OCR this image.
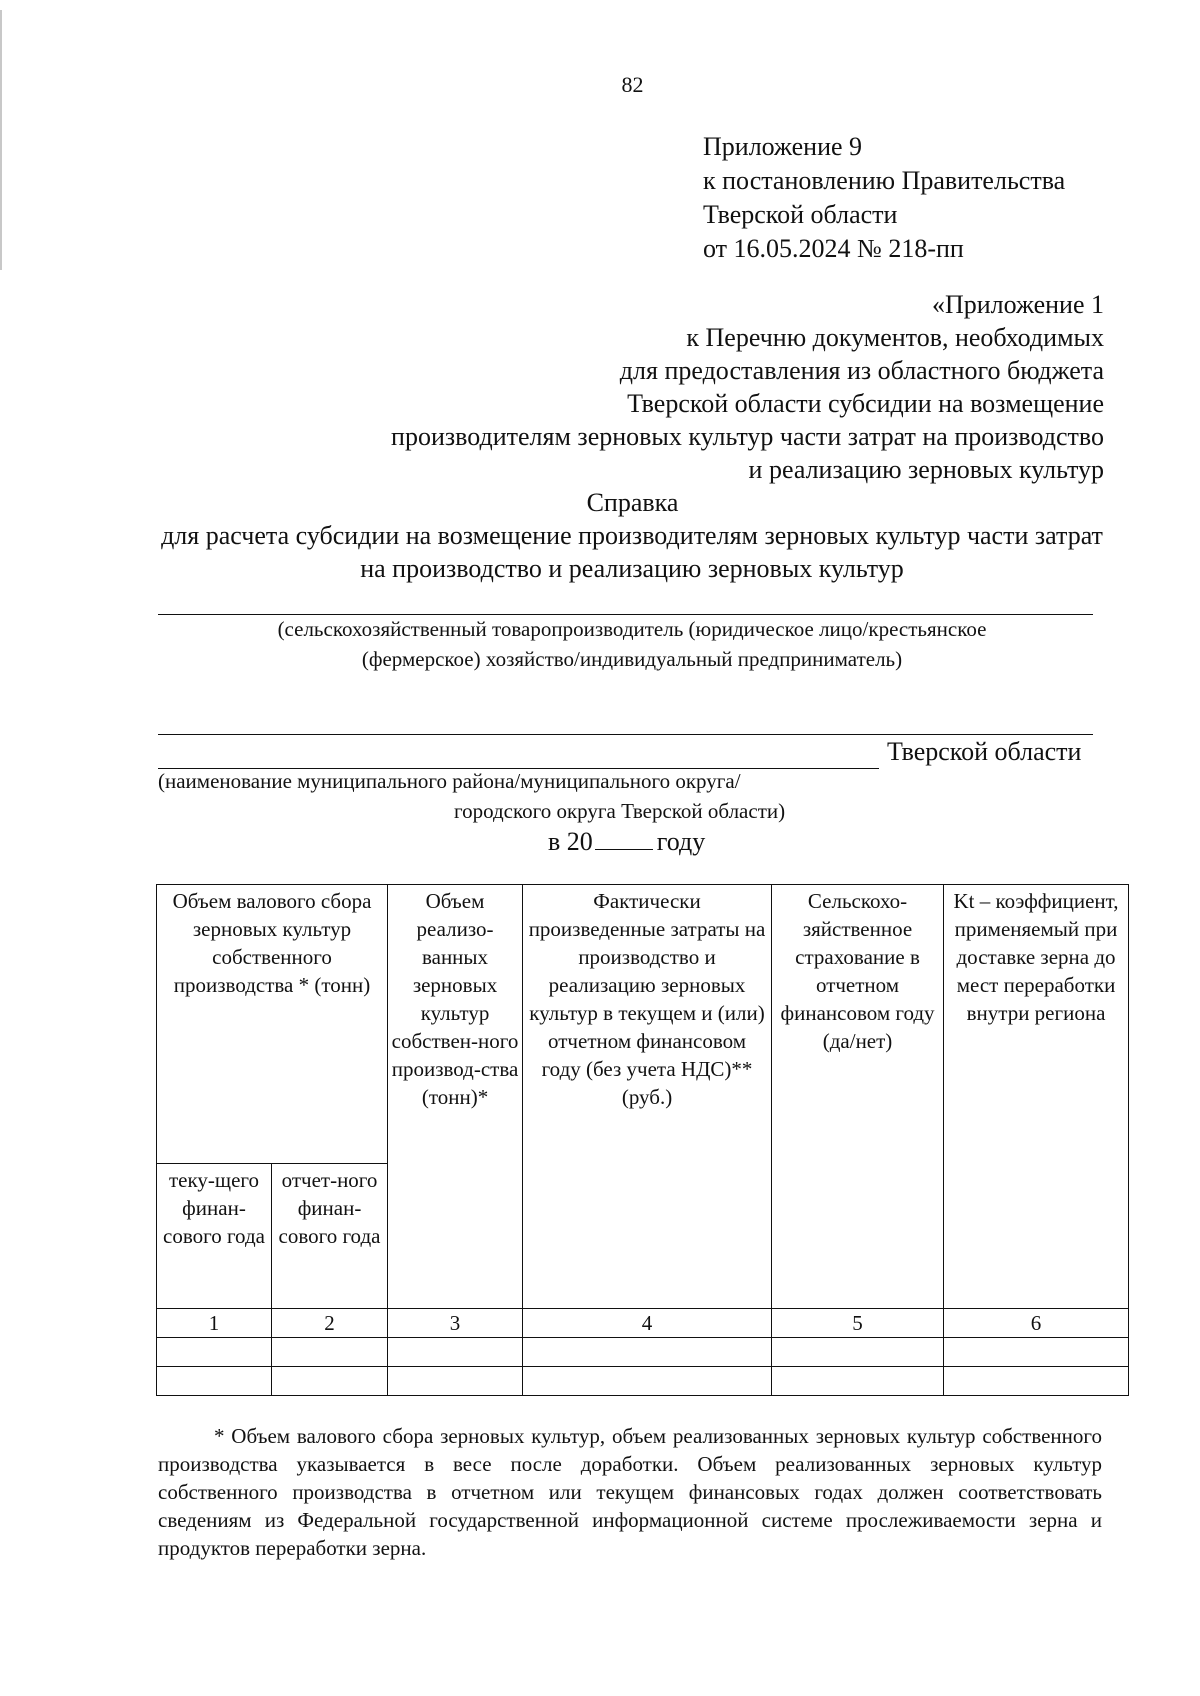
82
Приложение 9
к постановлению Правительства
Тверской области
от 16.05.2024 № 218-пп
«Приложение 1
к Перечню документов, необходимых
для предоставления из областного бюджета
Тверской области субсидии на возмещение
производителям зерновых культур части затрат на производство
и реализацию зерновых культур
Справка
для расчета субсидии на возмещение производителям зерновых культур части затрат на производство и реализацию зерновых культур
(сельскохозяйственный товаропроизводитель (юридическое лицо/крестьянское
(фермерское) хозяйство/индивидуальный предприниматель)
Тверской области
(наименование муниципального района/муниципального округа/
городского округа Тверской области)
в 20 году
Объем валового сбора зерновых культур собственного производства * (тонн)		Объем реализо-ванных зерновых культур собствен-ного производ-ства (тонн)*	Фактически произведенные затраты на производство и реализацию зерновых культур в текущем и (или) отчетном финансовом году (без учета НДС)** (руб.)	Сельскохо-зяйственное страхование в отчетном финансовом году (да/нет)	Kt – коэффициент, применяемый при доставке зерна до мест переработки внутри региона
теку-щего финан-сового года	отчет-ного финан-сового года				
1	2	3	4	5	6

* Объем валового сбора зерновых культур, объем реализованных зерновых культур собственного производства указывается в весе после доработки. Объем реализованных зерновых культур собственного производства в отчетном или текущем финансовых годах должен соответствовать сведениям из Федеральной государственной информационной системе прослеживаемости зерна и продуктов переработки зерна.
